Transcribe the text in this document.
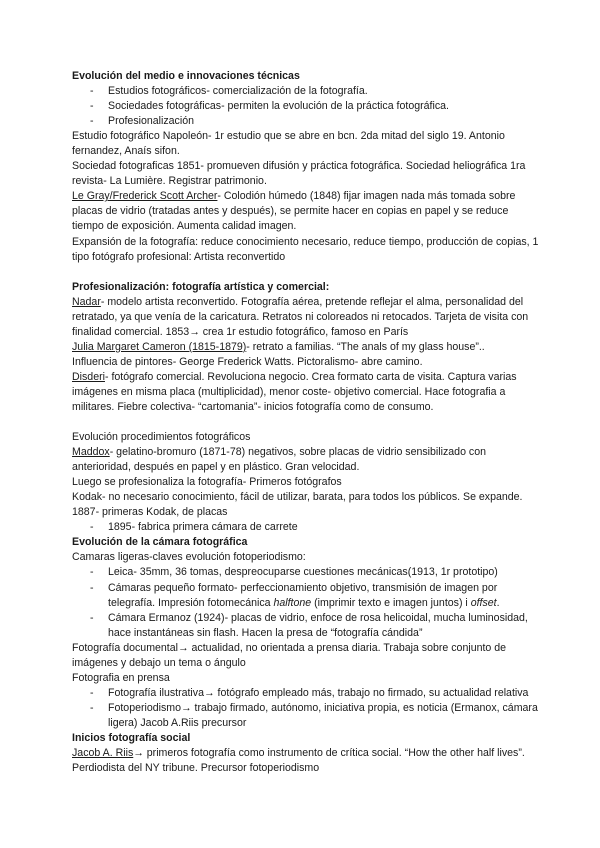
Evolución del medio e innovaciones técnicas

- Estudios fotográficos- comercialización de la fotografía.
- Sociedades fotográficas- permiten la evolución de la práctica fotográfica.
- Profesionalización

Estudio fotográfico Napoleón- 1r estudio que se abre en bcn. 2da mitad del siglo 19. Antonio fernandez, Anaís sifon.

Sociedad fotograficas 1851- promueven difusión y práctica fotográfica. Sociedad heliográfica 1ra revista- La Lumière. Registrar patrimonio.

Le Gray/Frederick Scott Archer- Colodión húmedo (1848) fijar imagen nada más tomada sobre placas de vidrio (tratadas antes y después), se permite hacer en copias en papel y se reduce tiempo de exposición. Aumenta calidad imagen.

Expansión de la fotografía: reduce conocimiento necesario, reduce tiempo, producción de copias, 1 tipo fotógrafo profesional: Artista reconvertido

Profesionalización: fotografía artística y comercial:

Nadar- modelo artista reconvertido. Fotografía aérea, pretende reflejar el alma, personalidad del retratado, ya que venía de la caricatura. Retratos ni coloreados ni retocados. Tarjeta de visita con finalidad comercial. 1853→ crea 1r estudio fotográfico, famoso en París

Julia Margaret Cameron (1815-1879)- retrato a familias. “The anals of my glass house”..

Influencia de pintores- George Frederick Watts. Pictoralismo- abre camino.

Disderi- fotógrafo comercial. Revoluciona negocio. Crea formato carta de visita. Captura varias imágenes en misma placa (multiplicidad), menor coste- objetivo comercial. Hace fotografia a militares. Fiebre colectiva- “cartomania”- inicios fotografía como de consumo.

Evolución procedimientos fotográficos

Maddox- gelatino-bromuro (1871-78) negativos, sobre placas de vidrio sensibilizado con anterioridad, después en papel y en plástico. Gran velocidad.

Luego se profesionaliza la fotografía- Primeros fotógrafos

Kodak- no necesario conocimiento, fácil de utilizar, barata, para todos los públicos. Se expande. 1887- primeras Kodak, de placas

- 1895- fabrica primera cámara de carrete

Evolución de la cámara fotográfica

Camaras ligeras-claves evolución fotoperiodismo:

- Leica- 35mm, 36 tomas, despreocuparse cuestiones mecánicas(1913, 1r prototipo)
- Cámaras pequeño formato- perfeccionamiento objetivo, transmisión de imagen por telegrafía. Impresión fotomecánica halftone (imprimir texto e imagen juntos) i offset.
- Cámara Ermanoz (1924)- placas de vidrio, enfoce de rosa helicoidal, mucha luminosidad, hace instantáneas sin flash. Hacen la presa de “fotografía cándida”

Fotografía documental→ actualidad, no orientada a prensa diaria. Trabaja sobre conjunto de imágenes y debajo un tema o ángulo

Fotografia en prensa

- Fotografía ilustrativa→ fotógrafo empleado más, trabajo no firmado, su actualidad relativa
- Fotoperiodismo→ trabajo firmado, autónomo, iniciativa propia, es noticia (Ermanox, cámara ligera) Jacob A.Riis precursor

Inicios fotografía social

Jacob A. Riis→ primeros fotografía como instrumento de crítica social. “How the other half lives”. Perdiodista del NY tribune. Precursor fotoperiodismo
